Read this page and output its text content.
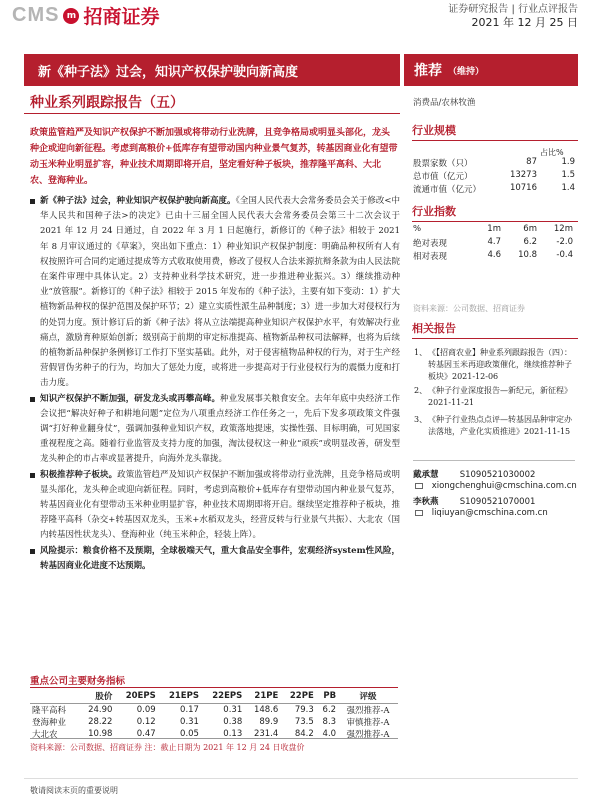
CMS m 招商证券	证券研究报告 | 行业点评报告
2021 年 12 月 25 日
新《种子法》过会，知识产权保护驶向新高度	推荐 （维持）
种业系列跟踪报告（五）	消费品/农林牧渔
政策监管趋严及知识产权保护不断加强或将带动行业洗牌，且竞争格局或明显头部化，龙头种企或迎向新征程。考虑到高粮价+低库存有望带动国内种业景气复苏，转基因商业化有望带动玉米种业明显扩容，种业技术周期即将开启，坚定看好种子板块，推荐隆平高科、大北农、登海种业。
新《种子法》过会，种业知识产权保护驶向新高度。《全国人民代表大会常务委员会关于修改<中华人民共和国种子法>的决定》已由十三届全国人民代表大会常务委员会第三十二次会议于 2021 年 12 月 24 日通过，自 2022 年 3 月 1 日起施行，新修订的《种子法》相较于 2021 年 8 月审议通过的《草案》，突出如下重点：1）种业知识产权保护制度：明确品种权所有人有权按照许可合同约定通过提成等方式收取使用费，修改了侵权人合法来源抗辩条款为由人民法院在案件审理中具体认定。2）支持种业科学技术研究，进一步推进种业振兴。3）继续推动种业“放管服”。新修订的《种子法》相较于 2015 年发布的《种子法》，主要有如下变动：1）扩大植物新品种权的保护范围及保护环节；2）建立实质性派生品种制度；3）进一步加大对侵权行为的处罚力度。预计修订后的新《种子法》将从立法端提高种业知识产权保护水平，有效解决行业痛点，激励育种原始创新；级别高于前期的审定标准提高、植物新品种权司法解释，也将为后续的植物新品种保护条例修订工作打下坚实基础。此外，对于侵害植物品种权的行为，对于生产经营假冒伪劣种子的行为，均加大了惩处力度，或将进一步提高对于行业侵权行为的震慑力度和打击力度。
知识产权保护不断加强，研发龙头或再攀高峰。种业发展事关粮食安全。去年年底中央经济工作会议把“解决好种子和耕地问题”定位为八项重点经济工作任务之一，先后下发多项政策文件强调“打好种业翻身仗”，强调加强种业知识产权，政策落地提速，实操性强、目标明确，可见国家重视程度之高。随着行业监管及支持力度的加强，淘汰侵权这一种业“顽疾”或明显改善，研发型龙头种企的市占率或显著提升，向海外龙头靠拢。
积极推荐种子板块。政策监管趋严及知识产权保护不断加强或将带动行业洗牌，且竞争格局或明显头部化，龙头种企或迎向新征程。同时，考虑到高粮价+低库存有望带动国内种业景气复苏，转基因商业化有望带动玉米种业明显扩容，种业技术周期即将开启。继续坚定推荐种子板块，推荐隆平高科（杂交+转基因双龙头，玉米+水稻双龙头，经营反转与行业景气共振）、大北农（国内转基因性状龙头）、登海种业（纯玉米种企，轻装上阵）。
风险提示：粮食价格不及预期，全球极端天气，重大食品安全事件，宏观经济system性风险，转基因商业化进度不达预期。
重点公司主要财务指标
	股价	20EPS	21EPS	22EPS	21PE	22PE	PB	评级
隆平高科	24.90	0.09	0.17	0.31	148.6	79.3	6.2	强烈推荐-A
登海种业	28.22	0.12	0.31	0.38	89.9	73.5	8.3	审慎推荐-A
大北农	10.98	0.47	0.05	0.13	231.4	84.2	4.0	强烈推荐-A
资料来源：公司数据、招商证券 注：截止日期为 2021 年 12 月 24 日收盘价
行业规模
占比%
股票家数（只）	87	1.9
总市值（亿元）	13273	1.5
流通市值（亿元）	10716	1.4
行业指数
%	1m	6m	12m
绝对表现	4.7	6.2	-2.0
相对表现	4.6	10.8	-0.4
资料来源：公司数据、招商证券
相关报告
1、 《【招商农业】种业系列跟踪报告（四）：转基因玉米再迎政策催化，继续推荐种子板块》2021-12-06
2、 《种子行业深度报告—新纪元，新征程》2021-11-21
3、 《种子行业热点点评—转基因品种审定办法落地，产业化实质推进》2021-11-15
戴承慧 S1090521030002
xiongchenghui@cmschina.com.cn
李秋燕 S1090521070001
liqiuyan@cmschina.com.cn
敬请阅读末页的重要说明
